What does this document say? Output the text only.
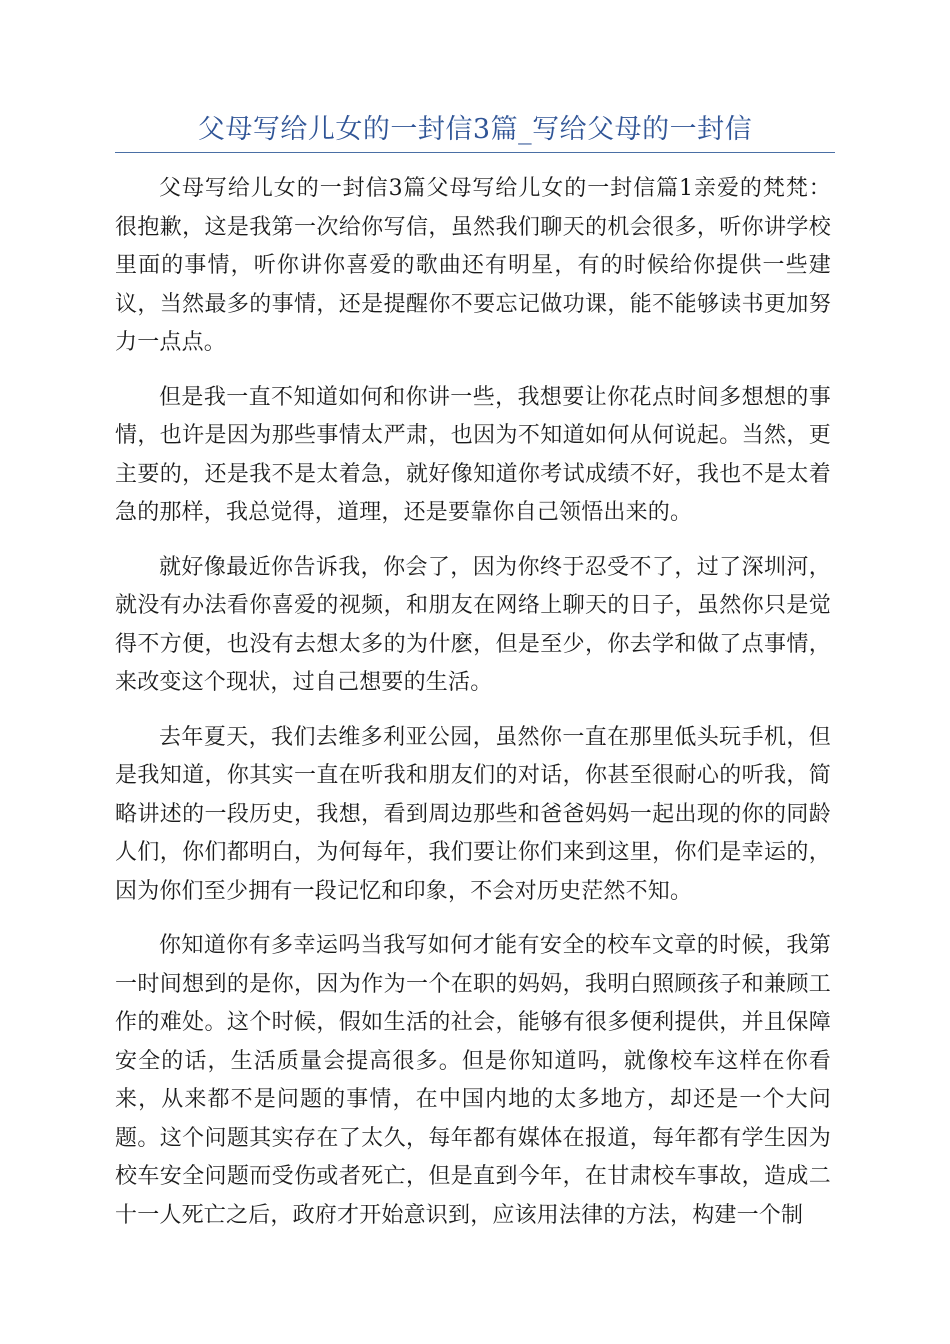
父母写给儿女的一封信3篇_写给父母的一封信

父母写给儿女的一封信3篇父母写给儿女的一封信篇1亲爱的梵梵：很抱歉，这是我第一次给你写信，虽然我们聊天的机会很多，听你讲学校里面的事情，听你讲你喜爱的歌曲还有明星，有的时候给你提供一些建议，当然最多的事情，还是提醒你不要忘记做功课，能不能够读书更加努力一点点。

但是我一直不知道如何和你讲一些，我想要让你花点时间多想想的事情，也许是因为那些事情太严肃，也因为不知道如何从何说起。当然，更主要的，还是我不是太着急，就好像知道你考试成绩不好，我也不是太着急的那样，我总觉得，道理，还是要靠你自己领悟出来的。

就好像最近你告诉我，你会了，因为你终于忍受不了，过了深圳河，就没有办法看你喜爱的视频，和朋友在网络上聊天的日子，虽然你只是觉得不方便，也没有去想太多的为什麽，但是至少，你去学和做了点事情，来改变这个现状，过自己想要的生活。

去年夏天，我们去维多利亚公园，虽然你一直在那里低头玩手机，但是我知道，你其实一直在听我和朋友们的对话，你甚至很耐心的听我，简略讲述的一段历史，我想，看到周边那些和爸爸妈妈一起出现的你的同龄人们，你们都明白，为何每年，我们要让你们来到这里，你们是幸运的，因为你们至少拥有一段记忆和印象，不会对历史茫然不知。

你知道你有多幸运吗当我写如何才能有安全的校车文章的时候，我第一时间想到的是你，因为作为一个在职的妈妈，我明白照顾孩子和兼顾工作的难处。这个时候，假如生活的社会，能够有很多便利提供，并且保障安全的话，生活质量会提高很多。但是你知道吗，就像校车这样在你看来，从来都不是问题的事情，在中国内地的太多地方，却还是一个大问题。这个问题其实存在了太久，每年都有媒体在报道，每年都有学生因为校车安全问题而受伤或者死亡，但是直到今年，在甘肃校车事故，造成二十一人死亡之后，政府才开始意识到，应该用法律的方法，构建一个制
